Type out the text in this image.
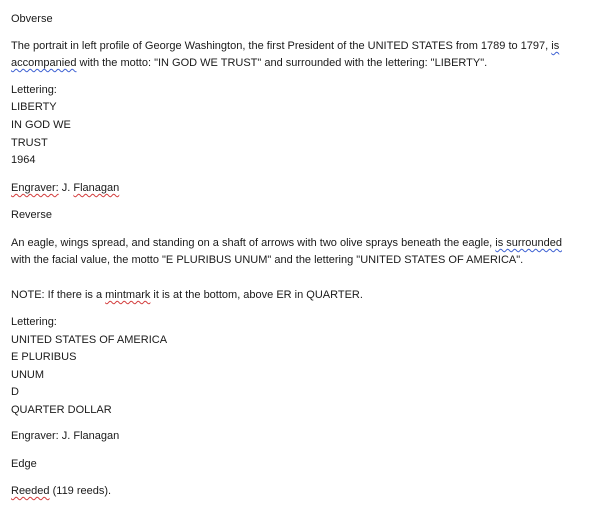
Obverse
The portrait in left profile of George Washington, the first President of the UNITED STATES from 1789 to 1797, is accompanied with the motto: "IN GOD WE TRUST" and surrounded with the lettering: "LIBERTY".
Lettering:
LIBERTY
IN GOD WE
TRUST
1964
Engraver: J. Flanagan
Reverse
An eagle, wings spread, and standing on a shaft of arrows with two olive sprays beneath the eagle, is surrounded with the facial value, the motto "E PLURIBUS UNUM" and the lettering "UNITED STATES OF AMERICA".
NOTE: If there is a mintmark it is at the bottom, above ER in QUARTER.
Lettering:
UNITED STATES OF AMERICA
E PLURIBUS
UNUM
D
QUARTER DOLLAR
Engraver: J. Flanagan
Edge
Reeded (119 reeds).
